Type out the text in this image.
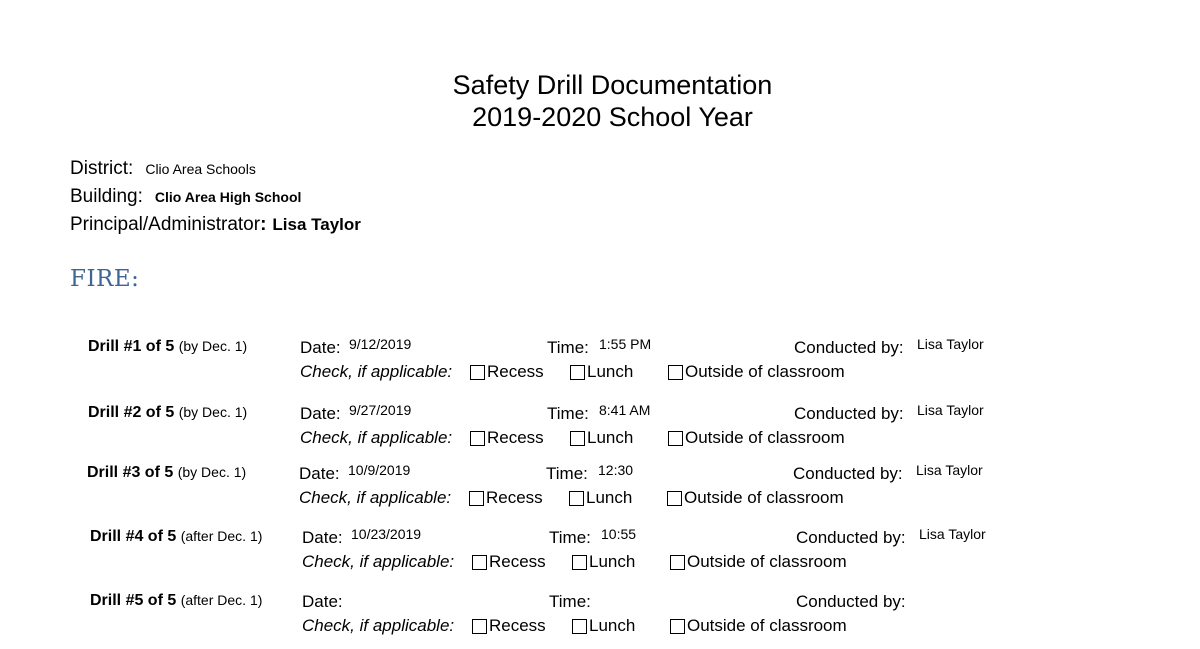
Safety Drill Documentation
2019-2020 School Year
District: Clio Area Schools
Building: Clio Area High School
Principal/Administrator: Lisa Taylor
FIRE:
Drill #1 of 5 (by Dec. 1)	Date: 9/12/2019	Time: 1:55 PM	Conducted by: Lisa Taylor
Check, if applicable:	Recess	Lunch	Outside of classroom
Drill #2 of 5 (by Dec. 1)	Date: 9/27/2019	Time: 8:41 AM	Conducted by: Lisa Taylor
Check, if applicable:	Recess	Lunch	Outside of classroom
Drill #3 of 5 (by Dec. 1)	Date: 10/9/2019	Time: 12:30	Conducted by: Lisa Taylor
Check, if applicable:	Recess	Lunch	Outside of classroom
Drill #4 of 5 (after Dec. 1) Date: 10/23/2019	Time: 10:55	Conducted by: Lisa Taylor
Check, if applicable:	Recess	Lunch	Outside of classroom
Drill #5 of 5 (after Dec. 1) Date:	Time:	Conducted by:
Check, if applicable:	Recess	Lunch	Outside of classroom
